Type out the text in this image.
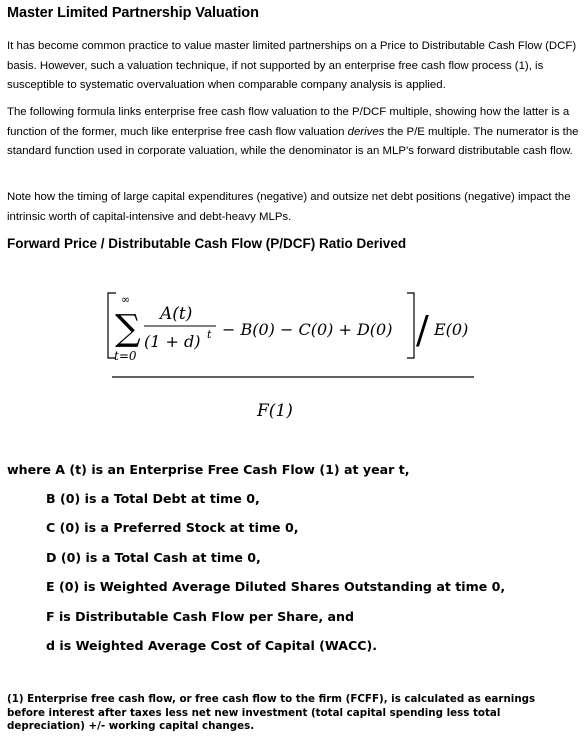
Master Limited Partnership Valuation
It has become common practice to value master limited partnerships on a Price to Distributable Cash Flow (DCF) basis. However, such a valuation technique, if not supported by an enterprise free cash flow process (1), is susceptible to systematic overvaluation when comparable company analysis is applied.
The following formula links enterprise free cash flow valuation to the P/DCF multiple, showing how the latter is a function of the former, much like enterprise free cash flow valuation derives the P/E multiple. The numerator is the standard function used in corporate valuation, while the denominator is an MLP’s forward distributable cash flow.
Note how the timing of large capital expenditures (negative) and outsize net debt positions (negative) impact the intrinsic worth of capital-intensive and debt-heavy MLPs.
Forward Price / Distributable Cash Flow (P/DCF) Ratio Derived
∞
∑
t=0
A(t)
(1 + d) t − B(0) − C(0) + D(0) / E(0)
F(1)
where A (t) is an Enterprise Free Cash Flow (1) at year t,
B (0) is a Total Debt at time 0,
C (0) is a Preferred Stock at time 0,
D (0) is a Total Cash at time 0,
E (0) is Weighted Average Diluted Shares Outstanding at time 0,
F is Distributable Cash Flow per Share, and
d is Weighted Average Cost of Capital (WACC).
(1) Enterprise free cash flow, or free cash flow to the firm (FCFF), is calculated as earnings before interest after taxes less net new investment (total capital spending less total depreciation) +/- working capital changes.
